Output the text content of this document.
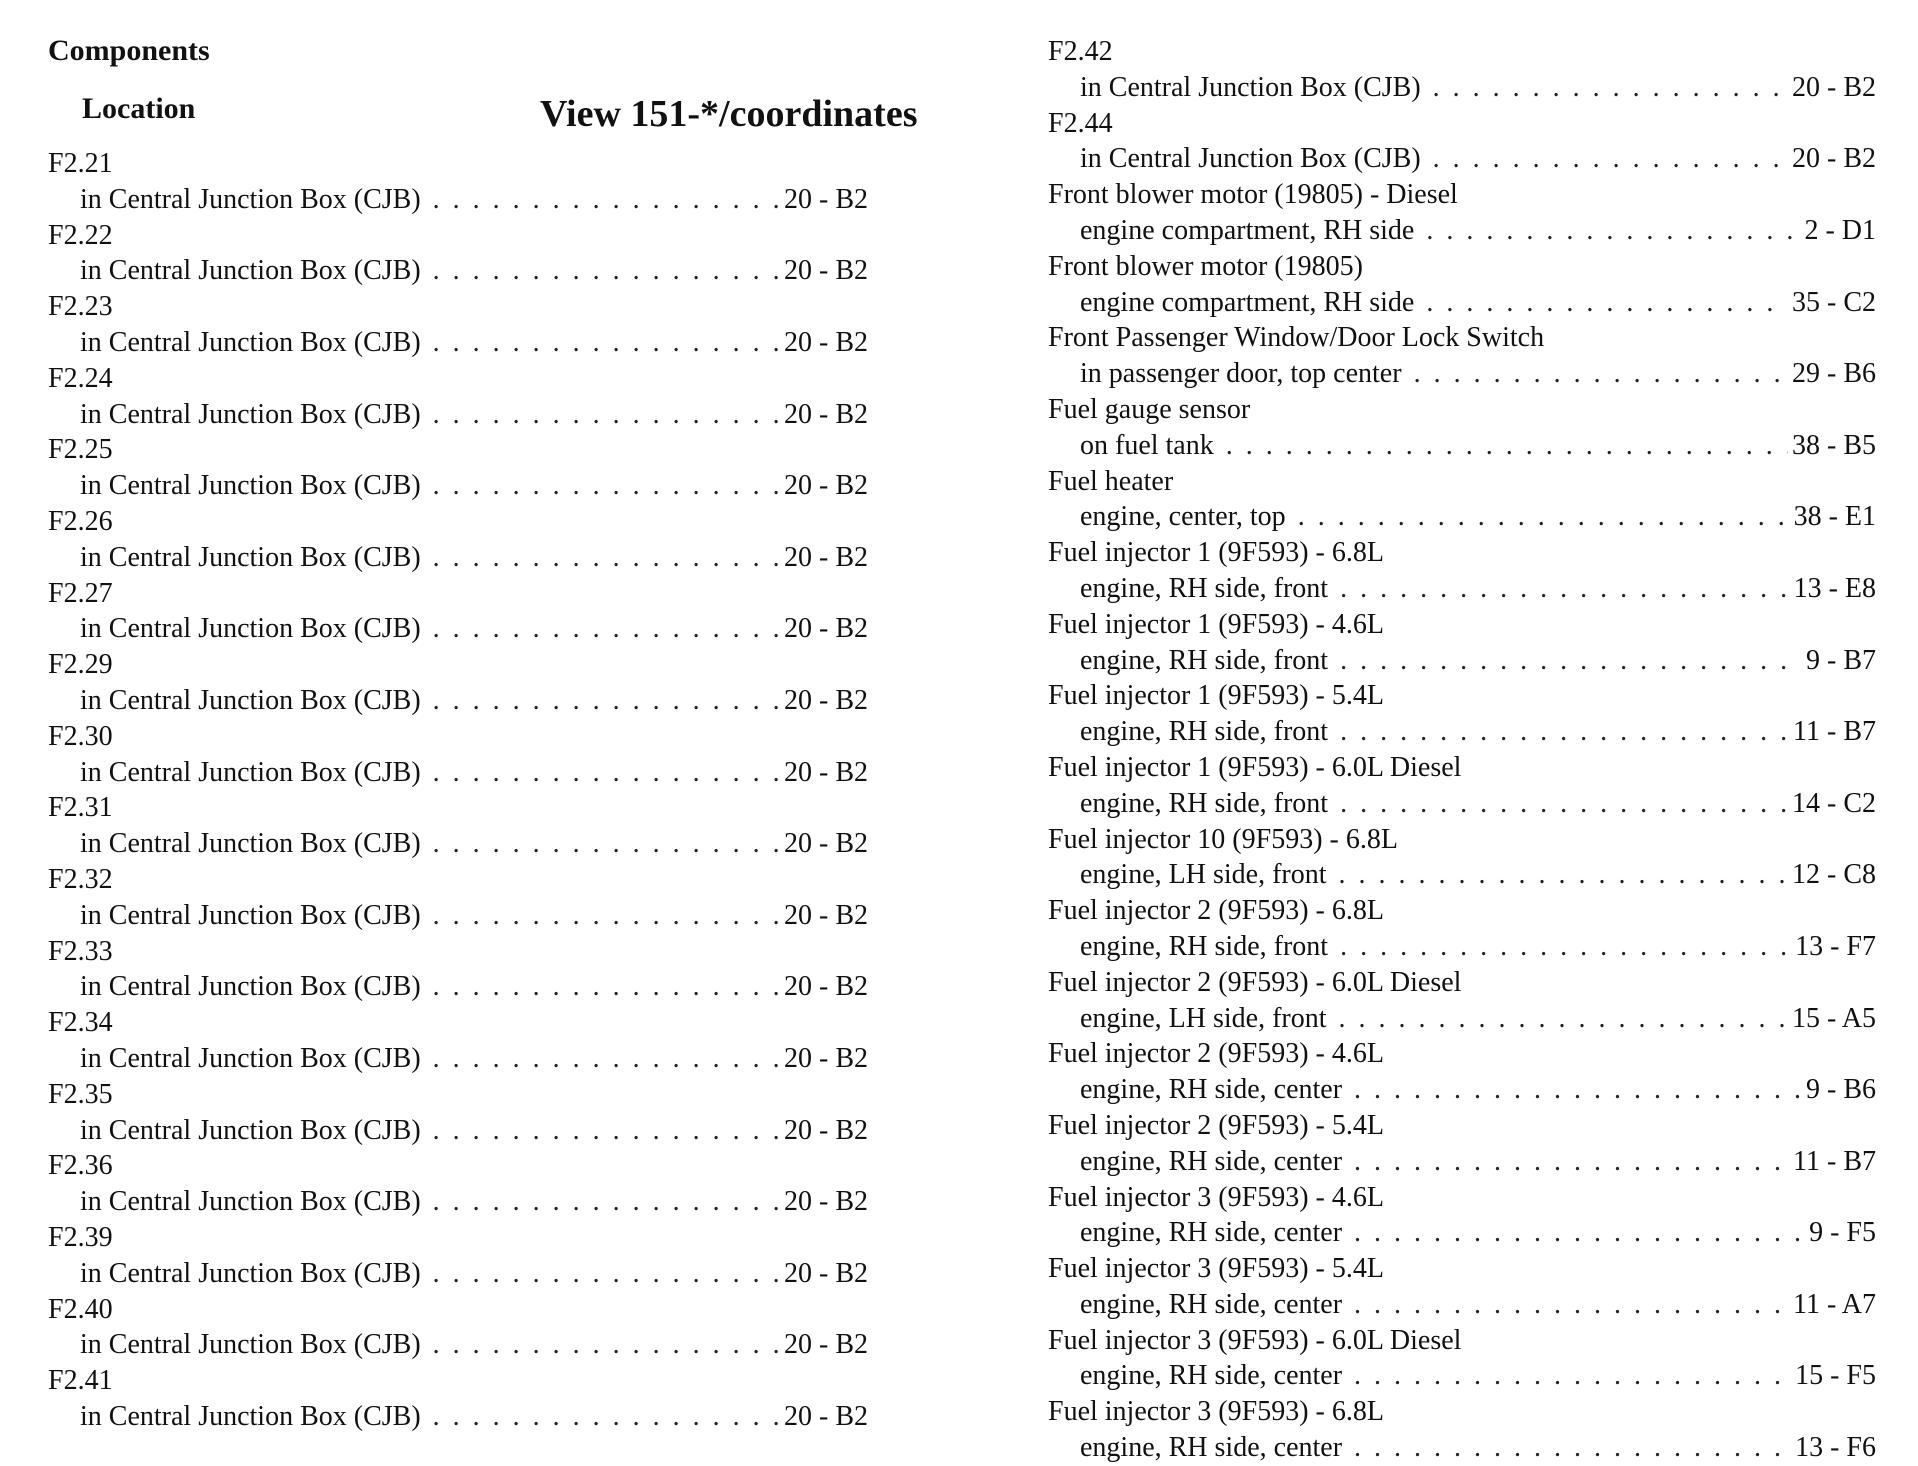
Components
Location	View 151-*/coordinates
F2.21
in Central Junction Box (CJB) . . .	20 - B2
F2.22
in Central Junction Box (CJB) . . .	20 - B2
F2.23
in Central Junction Box (CJB) . . .	20 - B2
F2.24
in Central Junction Box (CJB) . . .	20 - B2
F2.25
in Central Junction Box (CJB) . . .	20 - B2
F2.26
in Central Junction Box (CJB) . . .	20 - B2
F2.27
in Central Junction Box (CJB) . . .	20 - B2
F2.29
in Central Junction Box (CJB) . . .	20 - B2
F2.30
in Central Junction Box (CJB) . . .	20 - B2
F2.31
in Central Junction Box (CJB) . . .	20 - B2
F2.32
in Central Junction Box (CJB) . . .	20 - B2
F2.33
in Central Junction Box (CJB) . . .	20 - B2
F2.34
in Central Junction Box (CJB) . . .	20 - B2
F2.35
in Central Junction Box (CJB) . . .	20 - B2
F2.36
in Central Junction Box (CJB) . . .	20 - B2
F2.39
in Central Junction Box (CJB) . . .	20 - B2
F2.40
in Central Junction Box (CJB) . . .	20 - B2
F2.41
in Central Junction Box (CJB) . . .	20 - B2
F2.42
in Central Junction Box (CJB) . . .	20 - B2
F2.44
in Central Junction Box (CJB) . . .	20 - B2
Front blower motor (19805) - Diesel
engine compartment, RH side . . .	2 - D1
Front blower motor (19805)
engine compartment, RH side . . .	35 - C2
Front Passenger Window/Door Lock Switch
in passenger door, top center . . .	29 - B6
Fuel gauge sensor
on fuel tank . . .	38 - B5
Fuel heater
engine, center, top . . .	38 - E1
Fuel injector 1 (9F593) - 6.8L
engine, RH side, front . . .	13 - E8
Fuel injector 1 (9F593) - 4.6L
engine, RH side, front . . .	9 - B7
Fuel injector 1 (9F593) - 5.4L
engine, RH side, front . . .	11 - B7
Fuel injector 1 (9F593) - 6.0L Diesel
engine, RH side, front . . .	14 - C2
Fuel injector 10 (9F593) - 6.8L
engine, LH side, front . . .	12 - C8
Fuel injector 2 (9F593) - 6.8L
engine, RH side, front . . .	13 - F7
Fuel injector 2 (9F593) - 6.0L Diesel
engine, LH side, front . . .	15 - A5
Fuel injector 2 (9F593) - 4.6L
engine, RH side, center . . .	9 - B6
Fuel injector 2 (9F593) - 5.4L
engine, RH side, center . . .	11 - B7
Fuel injector 3 (9F593) - 4.6L
engine, RH side, center . . .	9 - F5
Fuel injector 3 (9F593) - 5.4L
engine, RH side, center . . .	11 - A7
Fuel injector 3 (9F593) - 6.0L Diesel
engine, RH side, center . . .	15 - F5
Fuel injector 3 (9F593) - 6.8L
engine, RH side, center . . .	13 - F6
